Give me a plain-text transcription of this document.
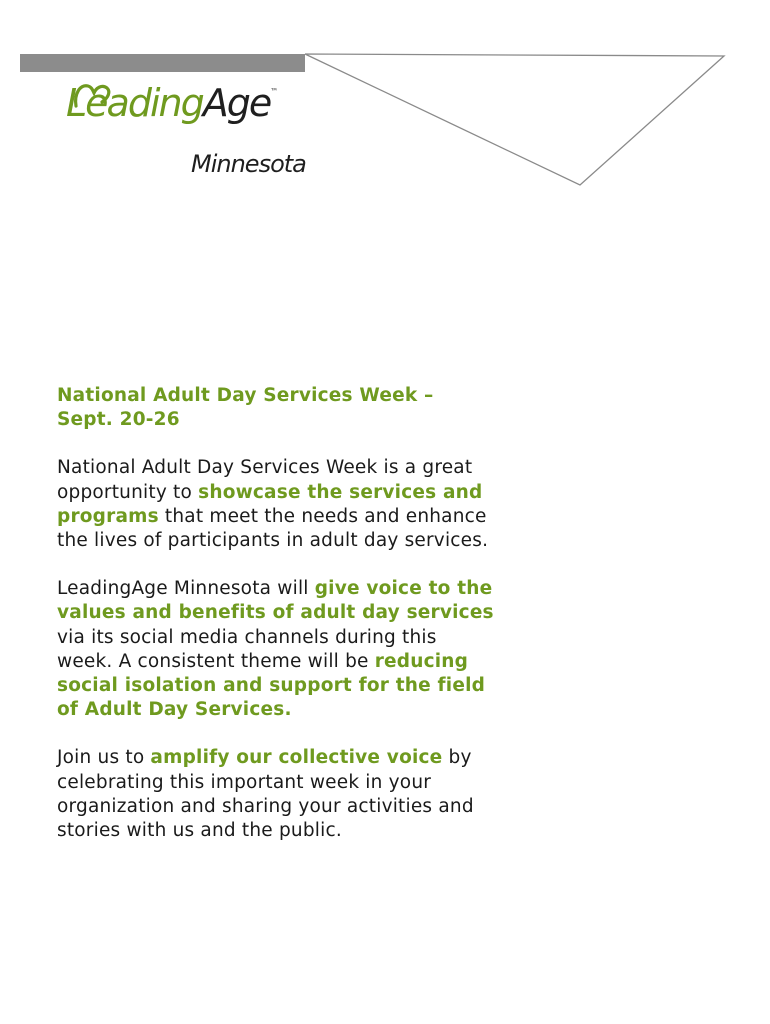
LeadingAge™
Minnesota
National Adult Day Services Week –
Sept. 20-26
National Adult Day Services Week is a great opportunity to showcase the services and programs that meet the needs and enhance the lives of participants in adult day services.
LeadingAge Minnesota will give voice to the values and benefits of adult day services via its social media channels during this week. A consistent theme will be reducing social isolation and support for the field of Adult Day Services.
Join us to amplify our collective voice by celebrating this important week in your organization and sharing your activities and stories with us and the public.
